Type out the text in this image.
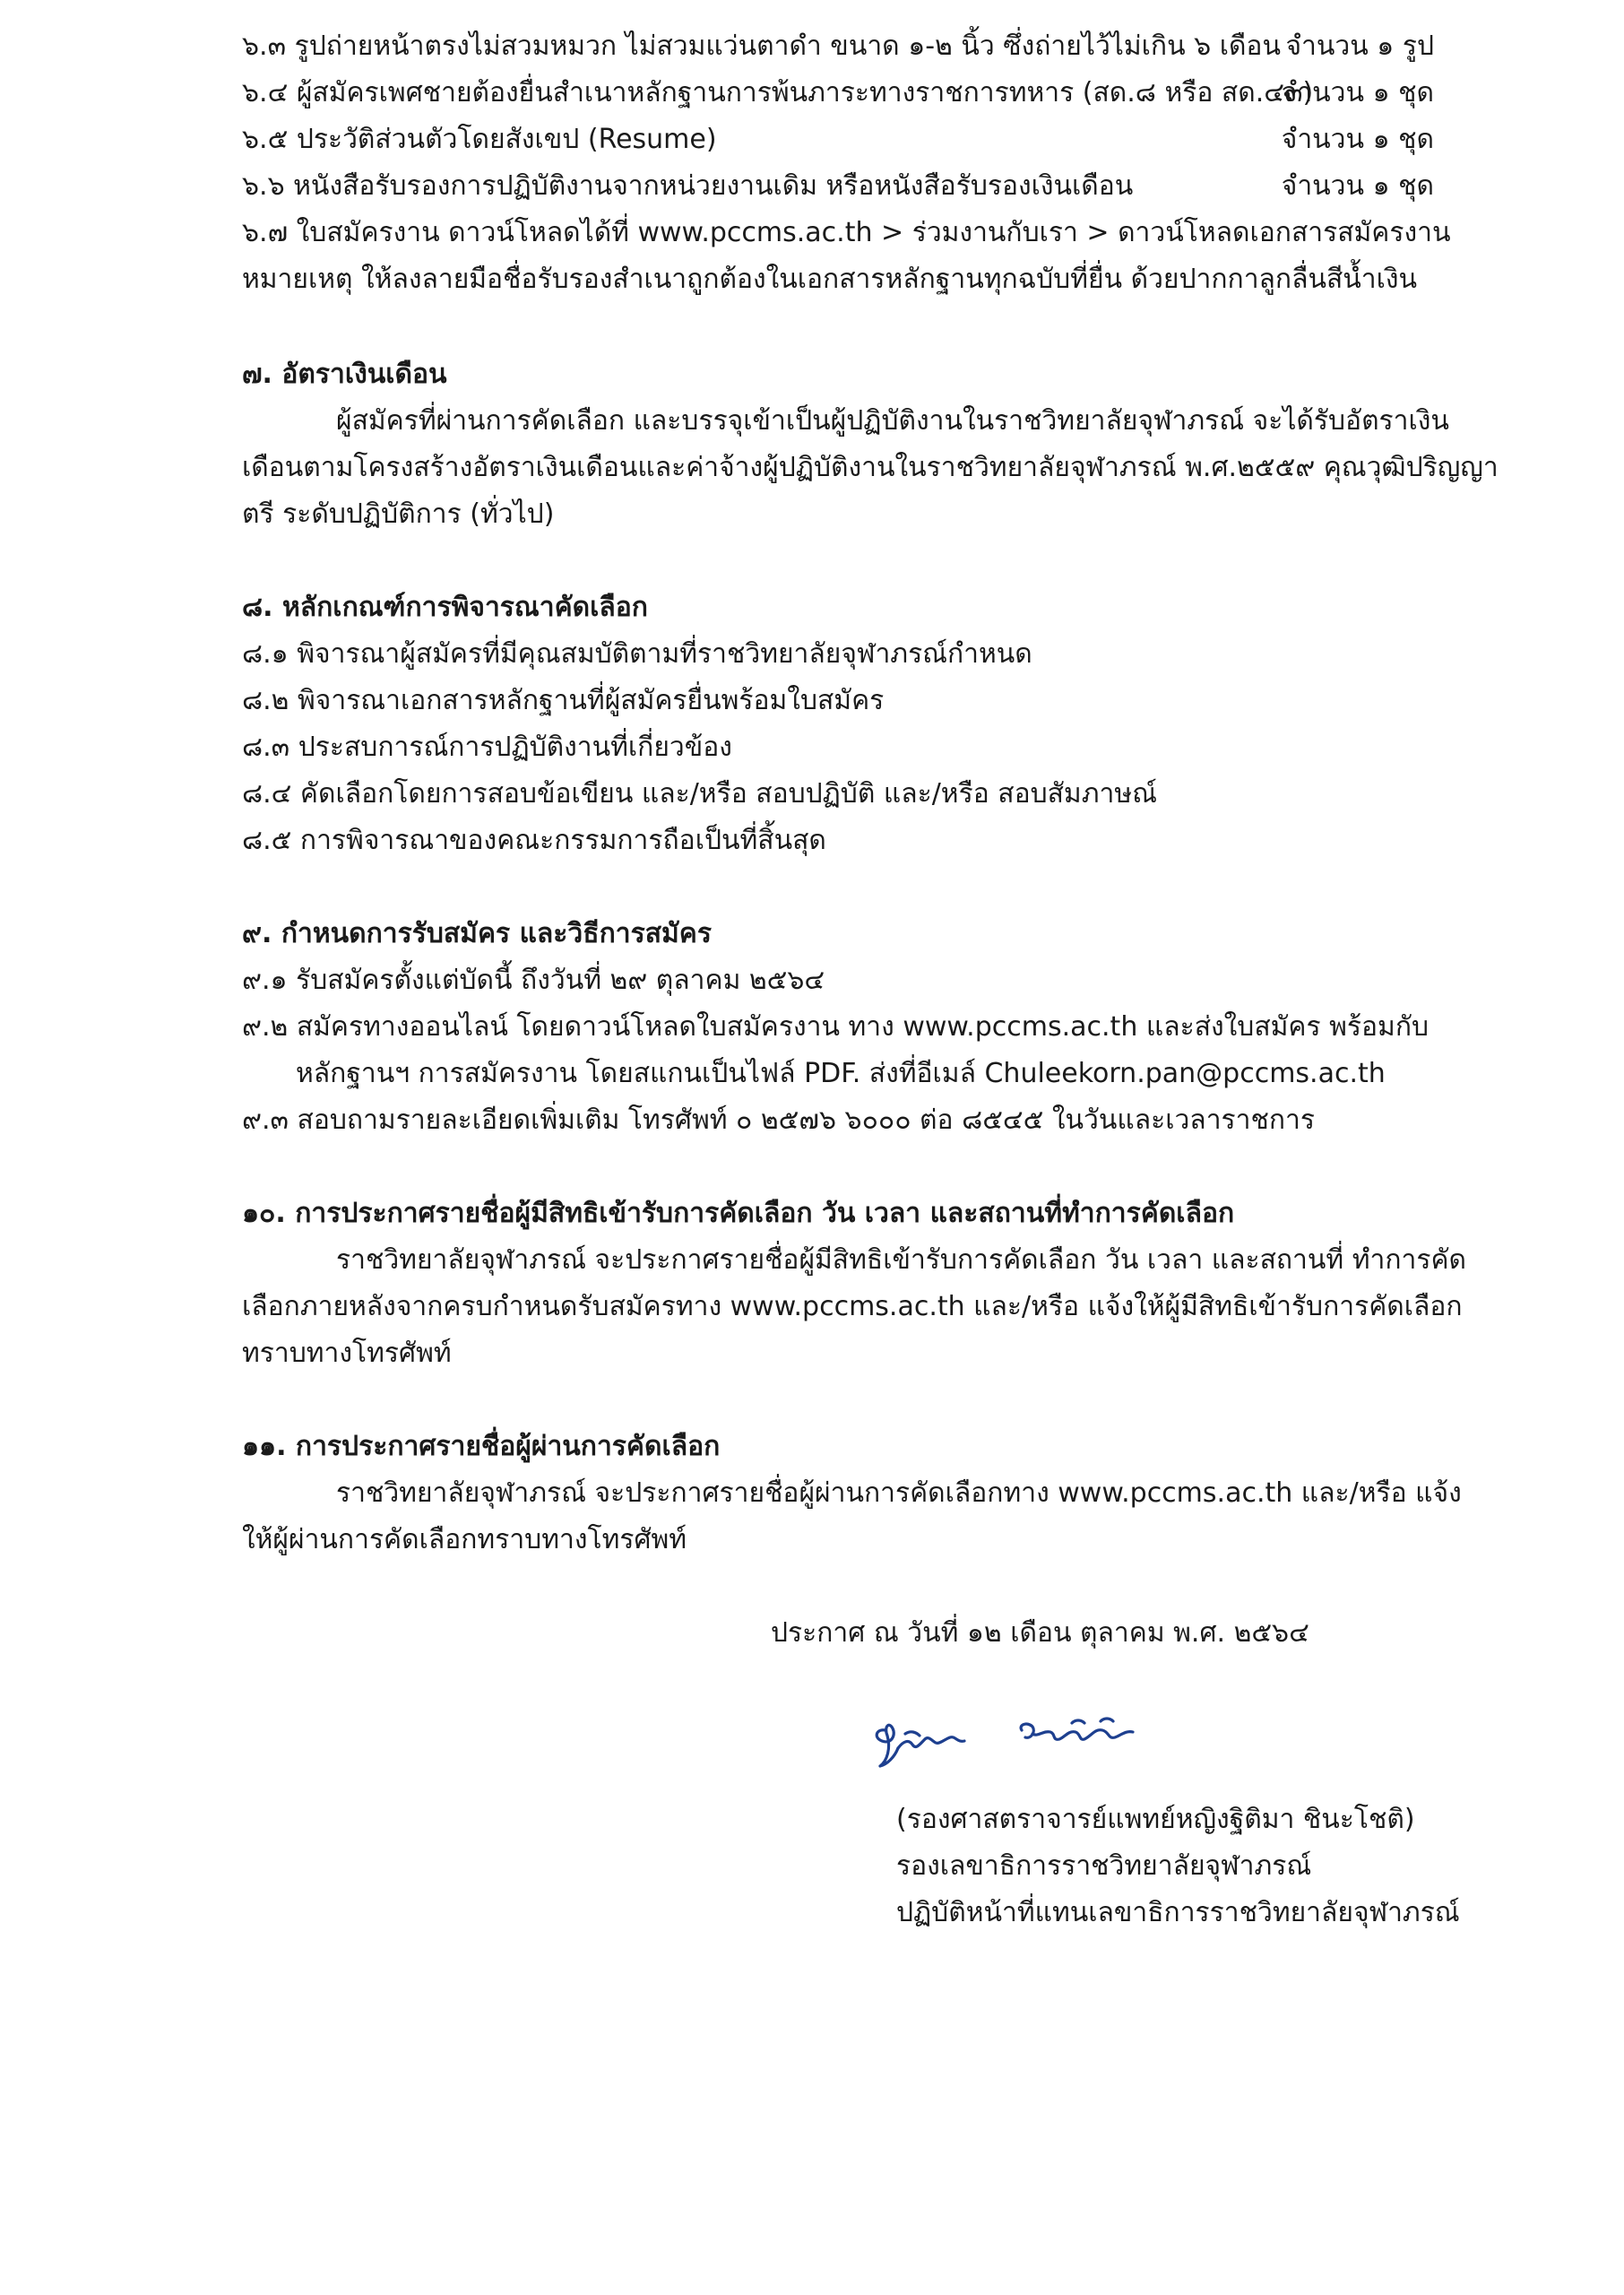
๖.๓ รูปถ่ายหน้าตรงไม่สวมหมวก ไม่สวมแว่นตาดำ ขนาด ๑-๒ นิ้ว ซึ่งถ่ายไว้ไม่เกิน ๖ เดือน จำนวน ๑ รูป
๖.๔ ผู้สมัครเพศชายต้องยื่นสำเนาหลักฐานการพ้นภาระทางราชการทหาร (สด.๘ หรือ สด.๔๓)
จำนวน ๑ ชุด
๖.๕ ประวัติส่วนตัวโดยสังเขป (Resume)	จำนวน ๑ ชุด
๖.๖ หนังสือรับรองการปฏิบัติงานจากหน่วยงานเดิม หรือหนังสือรับรองเงินเดือน	จำนวน ๑ ชุด
๖.๗ ใบสมัครงาน ดาวน์โหลดได้ที่ www.pccms.ac.th > ร่วมงานกับเรา > ดาวน์โหลดเอกสารสมัครงาน
หมายเหตุ ให้ลงลายมือชื่อรับรองสำเนาถูกต้องในเอกสารหลักฐานทุกฉบับที่ยื่น ด้วยปากกาลูกลื่นสีน้ำเงิน
๗. อัตราเงินเดือน
ผู้สมัครที่ผ่านการคัดเลือก และบรรจุเข้าเป็นผู้ปฏิบัติงานในราชวิทยาลัยจุฬาภรณ์ จะได้รับอัตราเงิน
เดือนตามโครงสร้างอัตราเงินเดือนและค่าจ้างผู้ปฏิบัติงานในราชวิทยาลัยจุฬาภรณ์ พ.ศ.๒๕๕๙ คุณวุฒิปริญญา
ตรี ระดับปฏิบัติการ (ทั่วไป)
๘. หลักเกณฑ์การพิจารณาคัดเลือก
๘.๑ พิจารณาผู้สมัครที่มีคุณสมบัติตามที่ราชวิทยาลัยจุฬาภรณ์กำหนด
๘.๒ พิจารณาเอกสารหลักฐานที่ผู้สมัครยื่นพร้อมใบสมัคร
๘.๓ ประสบการณ์การปฏิบัติงานที่เกี่ยวข้อง
๘.๔ คัดเลือกโดยการสอบข้อเขียน และ/หรือ สอบปฏิบัติ และ/หรือ สอบสัมภาษณ์
๘.๕ การพิจารณาของคณะกรรมการถือเป็นที่สิ้นสุด
๙. กำหนดการรับสมัคร และวิธีการสมัคร
๙.๑ รับสมัครตั้งแต่บัดนี้ ถึงวันที่ ๒๙ ตุลาคม ๒๕๖๔
๙.๒ สมัครทางออนไลน์ โดยดาวน์โหลดใบสมัครงาน ทาง www.pccms.ac.th และส่งใบสมัคร พร้อมกับ
หลักฐานฯ การสมัครงาน โดยสแกนเป็นไฟล์ PDF. ส่งที่อีเมล์ Chuleekorn.pan@pccms.ac.th
๙.๓ สอบถามรายละเอียดเพิ่มเติม โทรศัพท์ ๐ ๒๕๗๖ ๖๐๐๐ ต่อ ๘๕๔๕ ในวันและเวลาราชการ
๑๐. การประกาศรายชื่อผู้มีสิทธิเข้ารับการคัดเลือก วัน เวลา และสถานที่ทำการคัดเลือก
ราชวิทยาลัยจุฬาภรณ์ จะประกาศรายชื่อผู้มีสิทธิเข้ารับการคัดเลือก วัน เวลา และสถานที่ ทำการคัด
เลือกภายหลังจากครบกำหนดรับสมัครทาง www.pccms.ac.th และ/หรือ แจ้งให้ผู้มีสิทธิเข้ารับการคัดเลือก
ทราบทางโทรศัพท์
๑๑. การประกาศรายชื่อผู้ผ่านการคัดเลือก
ราชวิทยาลัยจุฬาภรณ์ จะประกาศรายชื่อผู้ผ่านการคัดเลือกทาง www.pccms.ac.th และ/หรือ แจ้ง
ให้ผู้ผ่านการคัดเลือกทราบทางโทรศัพท์
ประกาศ ณ วันที่ ๑๒ เดือน ตุลาคม พ.ศ. ๒๕๖๔
(รองศาสตราจารย์แพทย์หญิงฐิติมา ชินะโชติ)
รองเลขาธิการราชวิทยาลัยจุฬาภรณ์
ปฏิบัติหน้าที่แทนเลขาธิการราชวิทยาลัยจุฬาภรณ์
